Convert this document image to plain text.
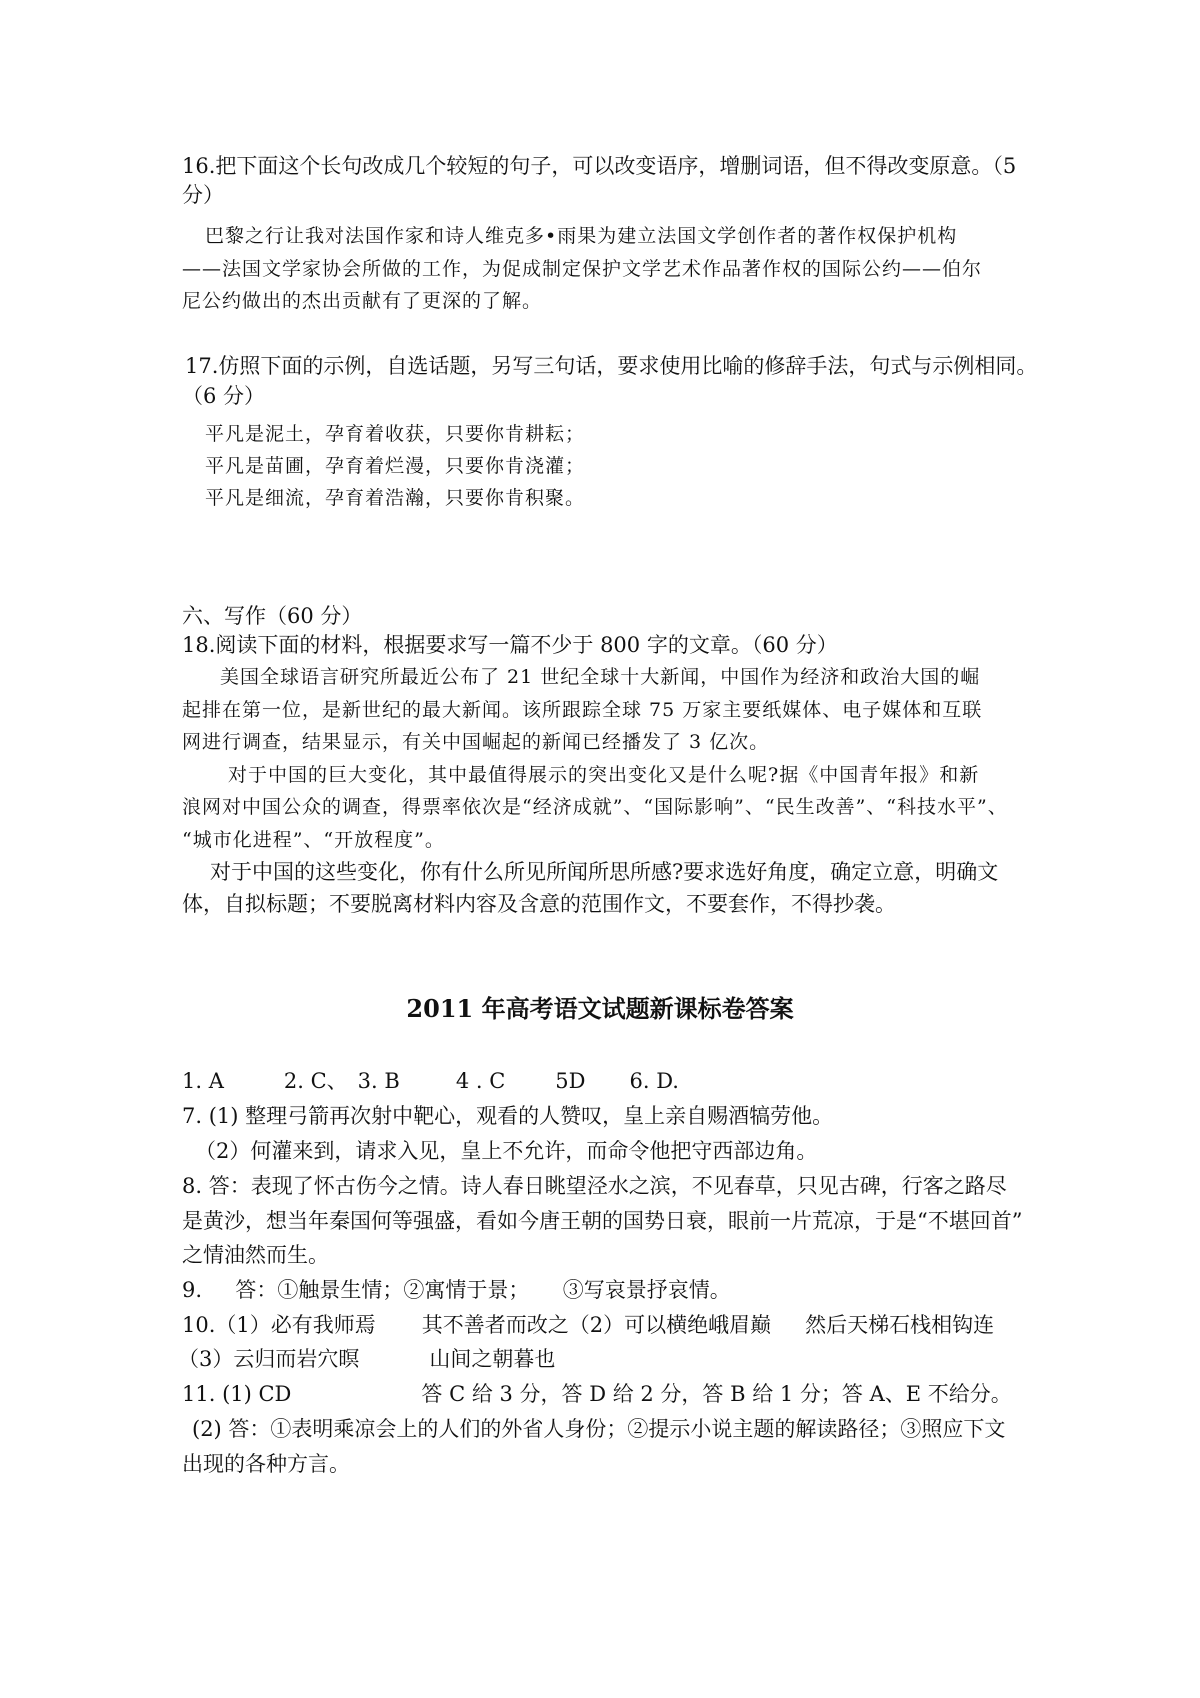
16.把下面这个长句改成几个较短的句子，可以改变语序，增删词语，但不得改变原意。（5
分）
巴黎之行让我对法国作家和诗人维克多•雨果为建立法国文学创作者的著作权保护机构
——法国文学家协会所做的工作，为促成制定保护文学艺术作品著作权的国际公约——伯尔
尼公约做出的杰出贡献有了更深的了解。
17.仿照下面的示例，自选话题，另写三句话，要求使用比喻的修辞手法，句式与示例相同。
（6 分）
平凡是泥土，孕育着收获，只要你肯耕耘；
平凡是苗圃，孕育着烂漫，只要你肯浇灌；
平凡是细流，孕育着浩瀚，只要你肯积聚。
六、写作（60 分）
18.阅读下面的材料，根据要求写一篇不少于 800 字的文章。（60 分）
美国全球语言研究所最近公布了 21 世纪全球十大新闻，中国作为经济和政治大国的崛
起排在第一位，是新世纪的最大新闻。该所跟踪全球 75 万家主要纸媒体、电子媒体和互联
网进行调查，结果显示，有关中国崛起的新闻已经播发了 3 亿次。
对于中国的巨大变化，其中最值得展示的突出变化又是什么呢?据《中国青年报》和新
浪网对中国公众的调查，得票率依次是“经济成就”、“国际影响”、“民生改善”、“科技水平”、
“城市化进程”、“开放程度”。
对于中国的这些变化，你有什么所见所闻所思所感?要求选好角度，确定立意，明确文
体，自拟标题；不要脱离材料内容及含意的范围作文，不要套作，不得抄袭。
2011 年高考语文试题新课标卷答案
1. A	2. C、 3. B	4 . C 5D 6. D.
7. (1) 整理弓箭再次射中靶心，观看的人赞叹，皇上亲自赐酒犒劳他。
（2）何灌来到，请求入见，皇上不允许，而命令他把守西部边角。
8. 答：表现了怀古伤今之情。诗人春日眺望泾水之滨，不见春草，只见古碑，行客之路尽
是黄沙，想当年秦国何等强盛，看如今唐王朝的国势日衰，眼前一片荒凉，于是“不堪回首”
之情油然而生。
9.     答：①触景生情；②寓情于景；     ③写哀景抒哀情。
10.（1）必有我师焉 其不善者而改之（2）可以横绝峨眉巅 然后天梯石栈相钩连
（3）云归而岩穴暝	山间之朝暮也
11. (1) CD	答 C 给 3 分，答 D 给 2 分，答 B 给 1 分；答 A、E 不给分。
(2) 答：①表明乘凉会上的人们的外省人身份；②提示小说主题的解读路径；③照应下文
出现的各种方言。
